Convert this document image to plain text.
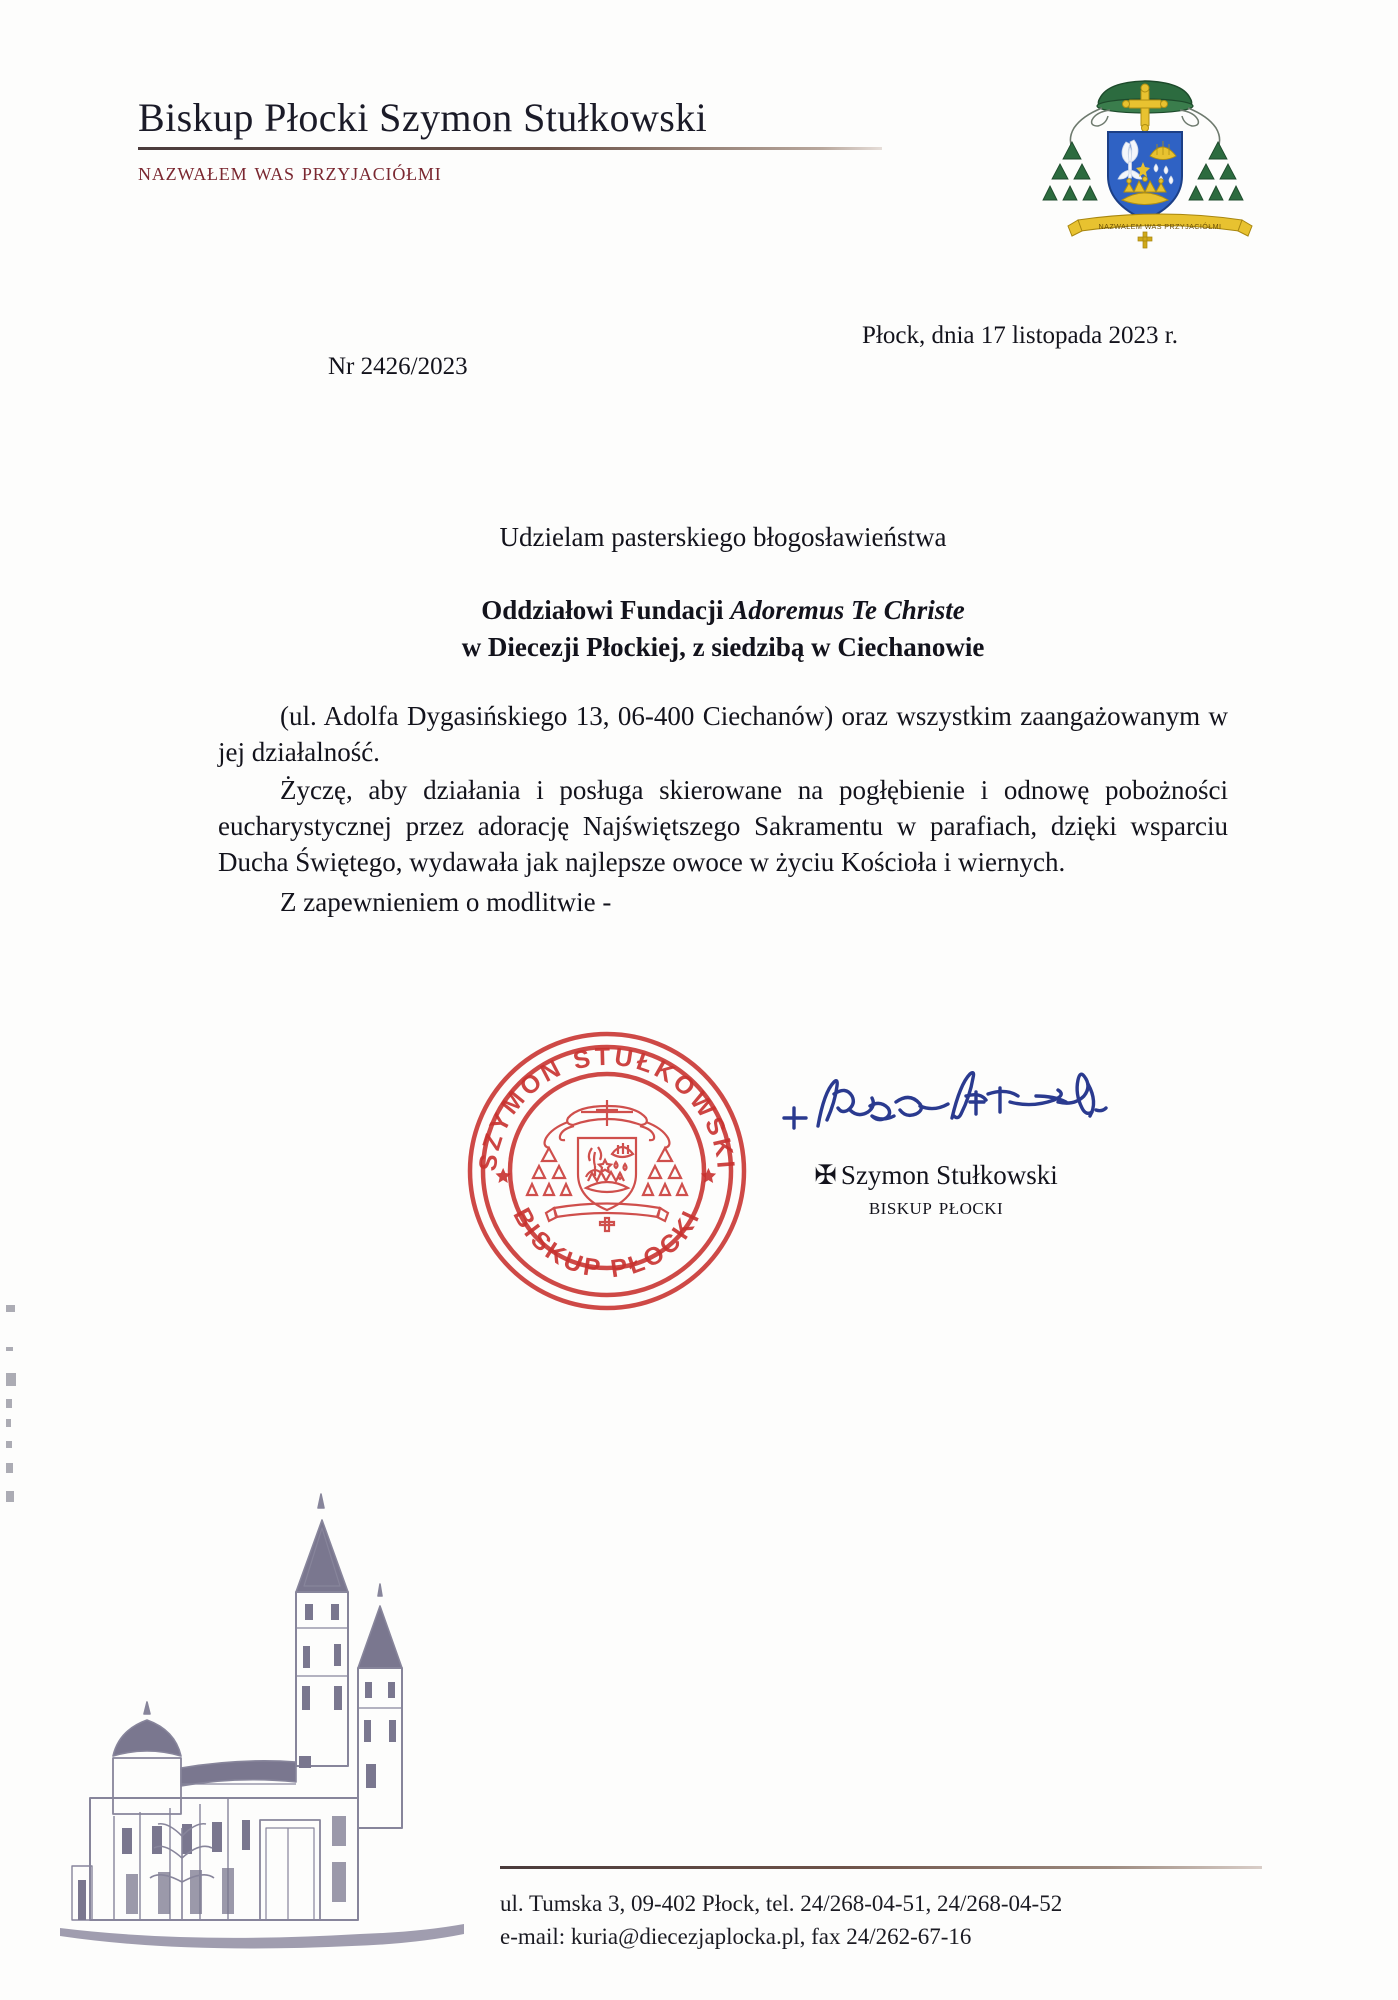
Biskup Płocki Szymon Stułkowski
nazwałem was przyjaciółmi
NAZWAŁEM WAS PRZYJACIÓŁMI
Płock, dnia 17 listopada 2023 r.
Nr 2426/2023
Udzielam pasterskiego błogosławieństwa
Oddziałowi Fundacji Adoremus Te Christe
w Diecezji Płockiej, z siedzibą w Ciechanowie

(ul. Adolfa Dygasińskiego 13, 06-400 Ciechanów) oraz wszystkim zaangażowanym w jej działalność.

Życzę, aby działania i posługa skierowane na pogłębienie i odnowę pobożności eucharystycznej przez adorację Najświętszego Sakramentu w parafiach, dzięki wsparciu Ducha Świętego, wydawała jak najlepsze owoce w życiu Kościoła i wiernych.

Z zapewnieniem o modlitwie -

SZYMON STUŁKOWSKI
BISKUP PŁOCKI
✠ Szymon Stułkowski
biskup płocki
ul. Tumska 3, 09-402 Płock, tel. 24/268-04-51, 24/268-04-52
e-mail: kuria@diecezjaplocka.pl, fax 24/262-67-16
